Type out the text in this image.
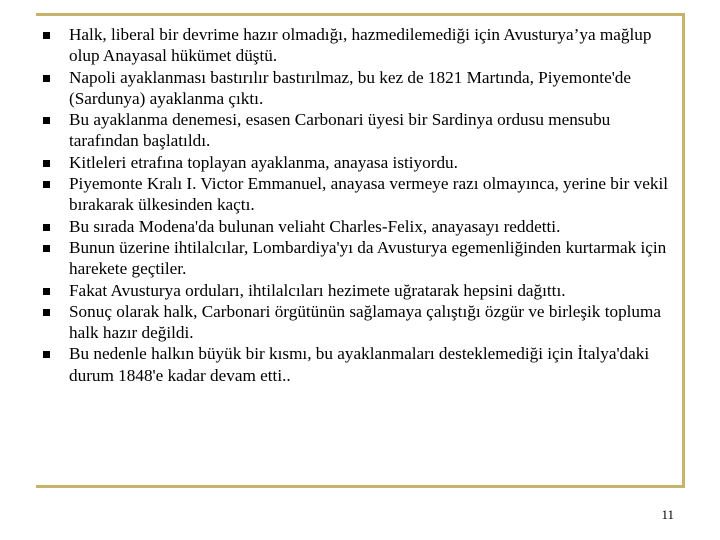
Halk, liberal bir devrime hazır olmadığı, hazmedilemediği için Avusturya’ya mağlup olup Anayasal hükümet düştü.
Napoli ayaklanması bastırılır bastırılmaz, bu kez de 1821 Martında, Piyemonte'de (Sardunya) ayaklanma çıktı.
Bu ayaklanma denemesi, esasen Carbonari üyesi bir Sardinya ordusu mensubu tarafından başlatıldı.
Kitleleri etrafına toplayan ayaklanma, anayasa istiyordu.
Piyemonte Kralı I. Victor Emmanuel, anayasa vermeye razı olmayınca, yerine bir vekil bırakarak ülkesinden kaçtı.
Bu sırada Modena'da bulunan veliaht Charles-Felix, anayasayı reddetti.
Bunun üzerine ihtilalcılar, Lombardiya'yı da Avusturya egemenliğinden kurtarmak için harekete geçtiler.
Fakat Avusturya orduları, ihtilalcıları hezimete uğratarak hepsini dağıttı.
Sonuç olarak halk, Carbonari örgütünün sağlamaya çalıştığı özgür ve birleşik topluma halk hazır değildi.
Bu nedenle halkın büyük bir kısmı, bu ayaklanmaları desteklemediği için İtalya'daki durum 1848'e kadar devam etti..
11
